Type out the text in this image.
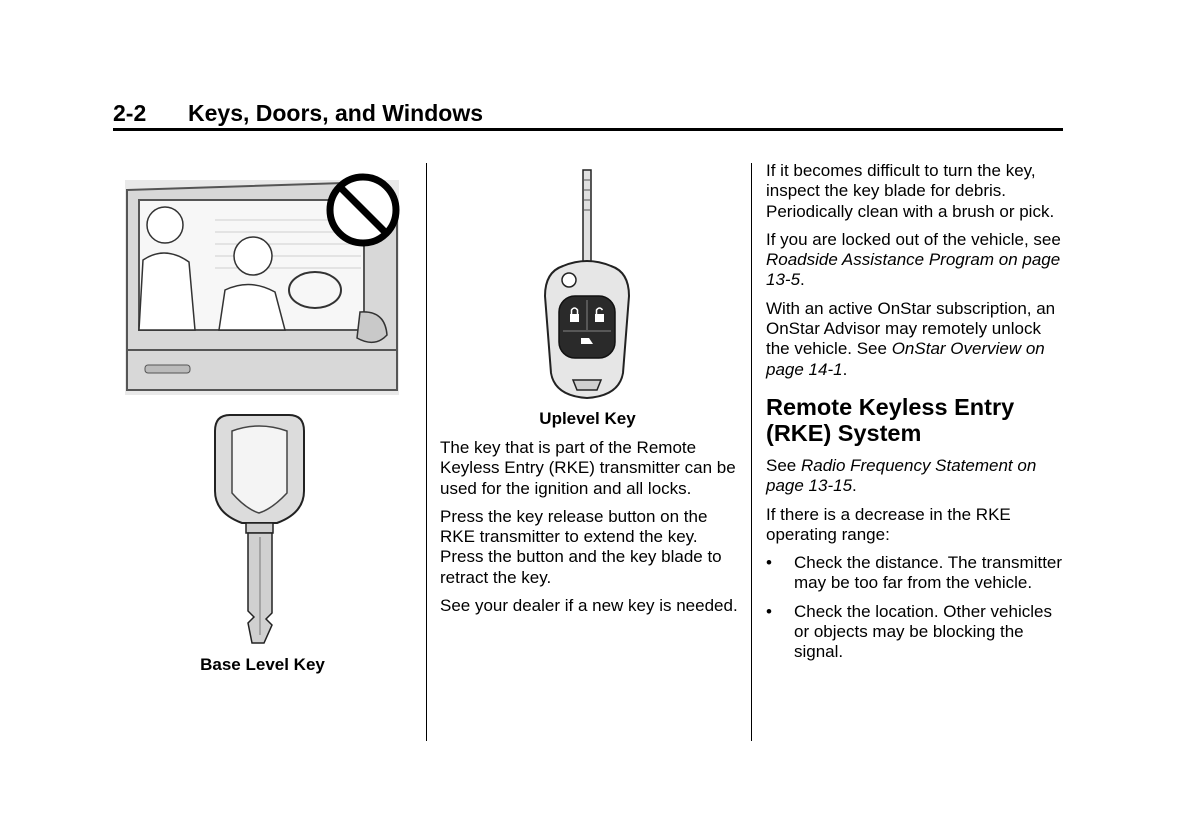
2-2 Keys, Doors, and Windows
Base Level Key
Uplevel Key

The key that is part of the Remote Keyless Entry (RKE) transmitter can be used for the ignition and all locks.

Press the key release button on the RKE transmitter to extend the key. Press the button and the key blade to retract the key.

See your dealer if a new key is needed.

If it becomes difficult to turn the key, inspect the key blade for debris. Periodically clean with a brush or pick.

If you are locked out of the vehicle, see Roadside Assistance Program on page 13-5.

With an active OnStar subscription, an OnStar Advisor may remotely unlock the vehicle. See OnStar Overview on page 14-1.

Remote Keyless Entry (RKE) System

See Radio Frequency Statement on page 13-15.

If there is a decrease in the RKE operating range:

• Check the distance. The transmitter may be too far from the vehicle.
• Check the location. Other vehicles or objects may be blocking the signal.
